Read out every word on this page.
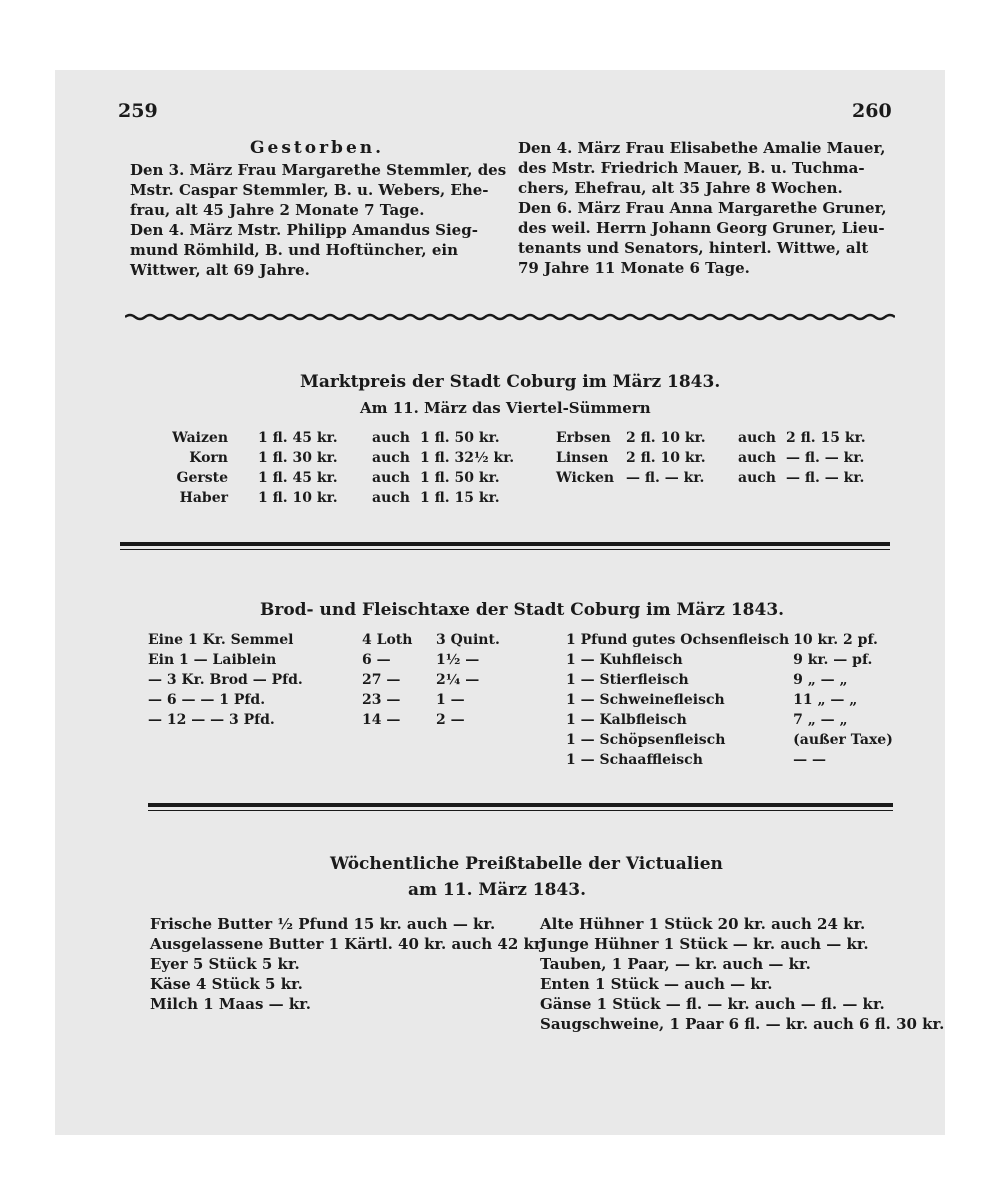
259	260
Gestorben.
Den 3. März Frau Margarethe Stemmler, des
Mstr. Caspar Stemmler, B. u. Webers, Ehe-
frau, alt 45 Jahre 2 Monate 7 Tage.
Den 4. März Mstr. Philipp Amandus Sieg-
mund Römhild, B. und Hoftüncher, ein
Wittwer, alt 69 Jahre.
Den 4. März Frau Elisabethe Amalie Mauer,
des Mstr. Friedrich Mauer, B. u. Tuchma-
chers, Ehefrau, alt 35 Jahre 8 Wochen.
Den 6. März Frau Anna Margarethe Gruner,
des weil. Herrn Johann Georg Gruner, Lieu-
tenants und Senators, hinterl. Wittwe, alt
79 Jahre 11 Monate 6 Tage.
Marktpreis der Stadt Coburg im März 1843.
Am 11. März das Viertel-Sümmern
Waizen	1 fl. 45 kr.	auch	1 fl. 50 kr.
Korn	1 fl. 30 kr.	auch	1 fl. 32½ kr.
Gerste	1 fl. 45 kr.	auch	1 fl. 50 kr.
Haber	1 fl. 10 kr.	auch	1 fl. 15 kr.
Erbsen	2 fl. 10 kr.	auch	2 fl. 15 kr.
Linsen	2 fl. 10 kr.	auch	— fl. — kr.
Wicken	— fl. — kr.	auch	— fl. — kr.
Brod- und Fleischtaxe der Stadt Coburg im März 1843.
Eine 1 Kr. Semmel	4 Loth	3 Quint.
Ein 1 — Laiblein	6 —	1½ —
— 3 Kr. Brod — Pfd.	27 —	2¼ —
— 6 — — 1 Pfd.	23 —	1 —
— 12 — — 3 Pfd.	14 —	2 —
1 Pfund gutes Ochsenfleisch	10 kr. 2 pf.
1 — Kuhfleisch	9 kr. — pf.
1 — Stierfleisch	9 „ — „
1 — Schweinefleisch	11 „ — „
1 — Kalbfleisch	7 „ — „
1 — Schöpsenfleisch	(außer Taxe)
1 — Schaaffleisch	— —
Wöchentliche Preißtabelle der Victualien
am 11. März 1843.
Frische Butter ½ Pfund 15 kr. auch — kr.
Ausgelassene Butter 1 Kärtl. 40 kr. auch 42 kr.
Eyer 5 Stück 5 kr.
Käse 4 Stück 5 kr.
Milch 1 Maas — kr.
Alte Hühner 1 Stück 20 kr. auch 24 kr.
Junge Hühner 1 Stück — kr. auch — kr.
Tauben, 1 Paar, — kr. auch — kr.
Enten 1 Stück — auch — kr.
Gänse 1 Stück — fl. — kr. auch — fl. — kr.
Saugschweine, 1 Paar 6 fl. — kr. auch 6 fl. 30 kr.
